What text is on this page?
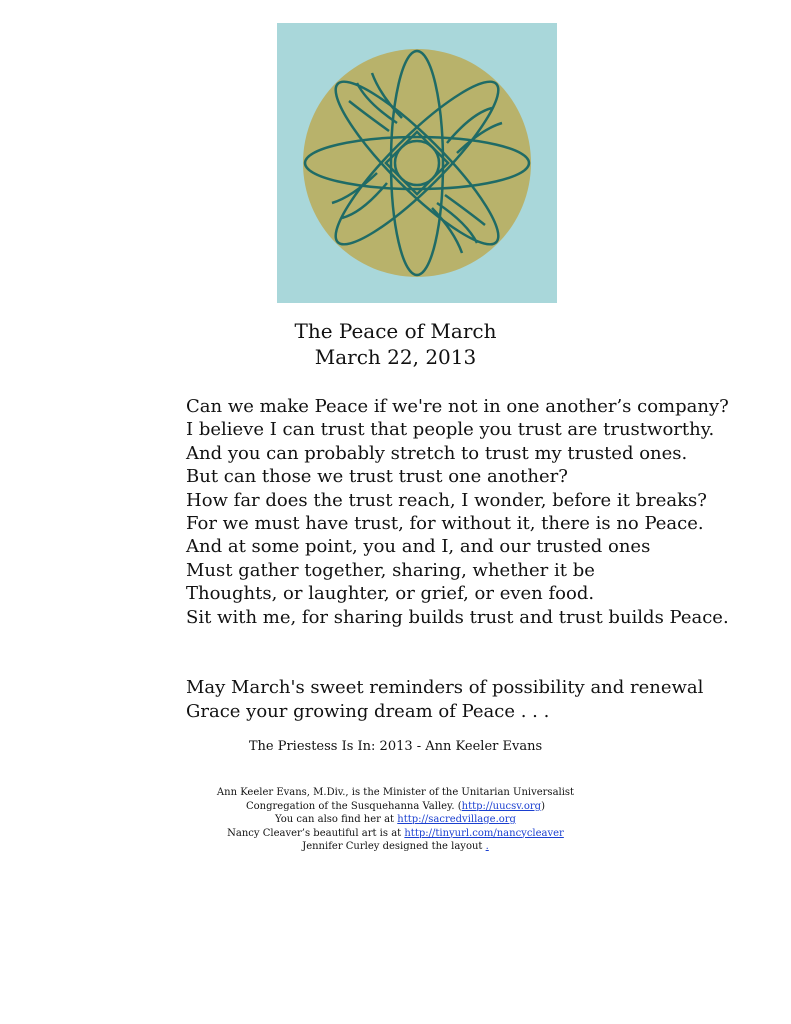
The Peace of March
March 22, 2013
Can we make Peace if we're not in one another’s company?
I believe I can trust that people you trust are trustworthy.
And you can probably stretch to trust my trusted ones.
But can those we trust trust one another?
How far does the trust reach, I wonder, before it breaks?
For we must have trust, for without it, there is no Peace.
And at some point, you and I, and our trusted ones
Must gather together, sharing, whether it be
Thoughts, or laughter, or grief, or even food.
Sit with me, for sharing builds trust and trust builds Peace.
May March's sweet reminders of possibility and renewal
Grace your growing dream of Peace . . .
The Priestess Is In: 2013 - Ann Keeler Evans
Ann Keeler Evans, M.Div., is the Minister of the Unitarian Universalist
Congregation of the Susquehanna Valley. (http://uucsv.org)
You can also find her at http://sacredvillage.org
Nancy Cleaver’s beautiful art is at http://tinyurl.com/nancycleaver
Jennifer Curley designed the layout .
